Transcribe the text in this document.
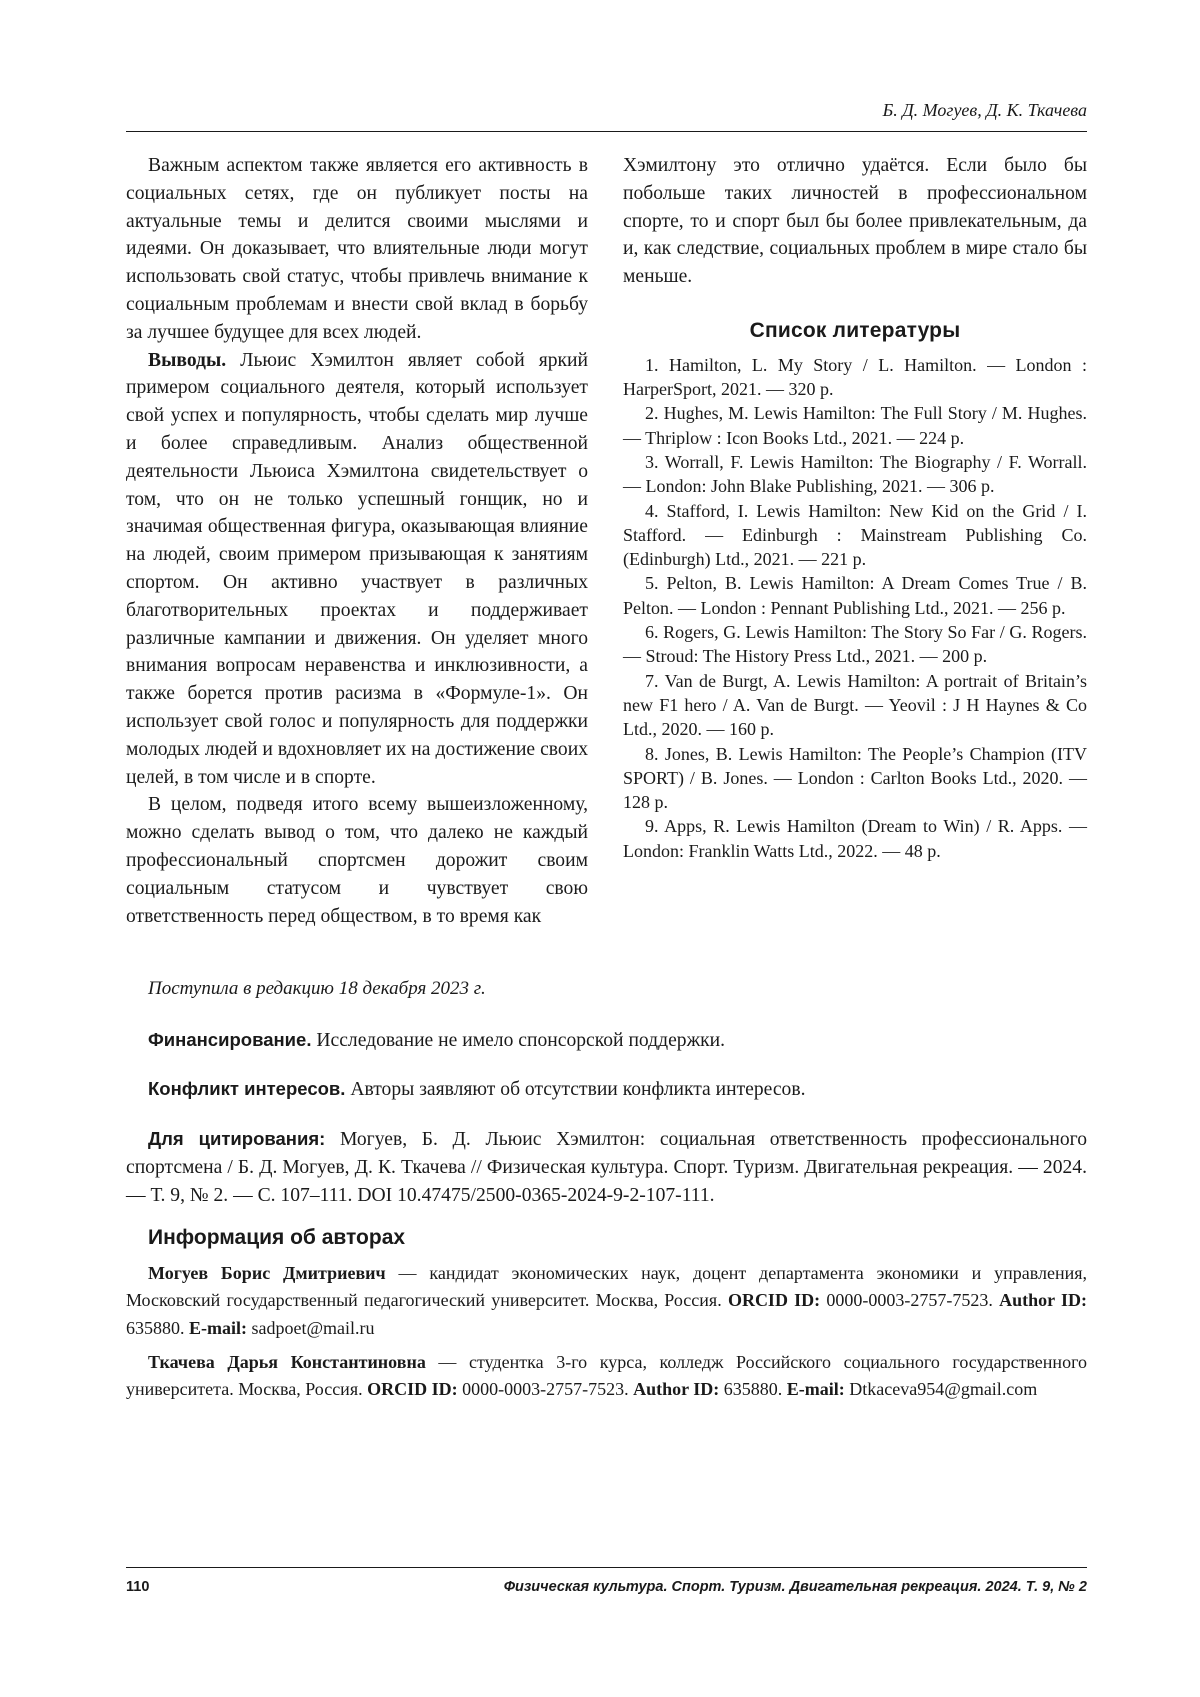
Б. Д. Могуев, Д. К. Ткачева

Важным аспектом также является его активность в социальных сетях, где он публикует посты на актуальные темы и делится своими мыслями и идеями. Он доказывает, что влиятельные люди могут использовать свой статус, чтобы привлечь внимание к социальным проблемам и внести свой вклад в борьбу за лучшее будущее для всех людей.

Выводы. Льюис Хэмилтон являет собой яркий примером социального деятеля, который использует свой успех и популярность, чтобы сделать мир лучше и более справедливым. Анализ общественной деятельности Льюиса Хэмилтона свидетельствует о том, что он не только успешный гонщик, но и значимая общественная фигура, оказывающая влияние на людей, своим примером призывающая к занятиям спортом. Он активно участвует в различных благотворительных проектах и поддерживает различные кампании и движения. Он уделяет много внимания вопросам неравенства и инклюзивности, а также борется против расизма в «Формуле-1». Он использует свой голос и популярность для поддержки молодых людей и вдохновляет их на достижение своих целей, в том числе и в спорте.

В целом, подведя итого всему вышеизложенному, можно сделать вывод о том, что далеко не каждый профессиональный спортсмен дорожит своим социальным статусом и чувствует свою ответственность перед обществом, в то время как

Хэмилтону это отлично удаётся. Если было бы побольше таких личностей в профессиональном спорте, то и спорт был бы более привлекательным, да и, как следствие, социальных проблем в мире стало бы меньше.

Список литературы
1. Hamilton, L. My Story / L. Hamilton. — London : HarperSport, 2021. — 320 p.
2. Hughes, M. Lewis Hamilton: The Full Story / M. Hughes. — Thriplow : Icon Books Ltd., 2021. — 224 p.
3. Worrall, F. Lewis Hamilton: The Biography / F. Worrall. — London: John Blake Publishing, 2021. — 306 p.
4. Stafford, I. Lewis Hamilton: New Kid on the Grid / I. Stafford. — Edinburgh : Mainstream Publishing Co. (Edinburgh) Ltd., 2021. — 221 p.
5. Pelton, B. Lewis Hamilton: A Dream Comes True / B. Pelton. — London : Pennant Publishing Ltd., 2021. — 256 p.
6. Rogers, G. Lewis Hamilton: The Story So Far / G. Rogers. — Stroud: The History Press Ltd., 2021. — 200 p.
7. Van de Burgt, A. Lewis Hamilton: A portrait of Britain’s new F1 hero / A. Van de Burgt. — Yeovil : J H Haynes & Co Ltd., 2020. — 160 p.
8. Jones, B. Lewis Hamilton: The People’s Champion (ITV SPORT) / B. Jones. — London : Carlton Books Ltd., 2020. — 128 p.
9. Apps, R. Lewis Hamilton (Dream to Win) / R. Apps. — London: Franklin Watts Ltd., 2022. — 48 p.
Поступила в редакцию 18 декабря 2023 г.

Финансирование. Исследование не имело спонсорской поддержки.

Конфликт интересов. Авторы заявляют об отсутствии конфликта интересов.

Для цитирования: Могуев, Б. Д. Льюис Хэмилтон: социальная ответственность профессионального спортсмена / Б. Д. Могуев, Д. К. Ткачева // Физическая культура. Спорт. Туризм. Двигательная рекреация. — 2024. — Т. 9, № 2. — С. 107–111. DOI 10.47475/2500-0365-2024-9-2-107-111.

Информация об авторах

Могуев Борис Дмитриевич — кандидат экономических наук, доцент департамента экономики и управления, Московский государственный педагогический университет. Москва, Россия. ORCID ID: 0000-0003-2757-7523. Author ID: 635880. E-mail: sadpoet@mail.ru

Ткачева Дарья Константиновна — студентка 3-го курса, колледж Российского социального государственного университета. Москва, Россия. ORCID ID: 0000-0003-2757-7523. Author ID: 635880. E-mail: Dtkaceva954@gmail.com

110	Физическая культура. Спорт. Туризм. Двигательная рекреация. 2024. Т. 9, № 2
